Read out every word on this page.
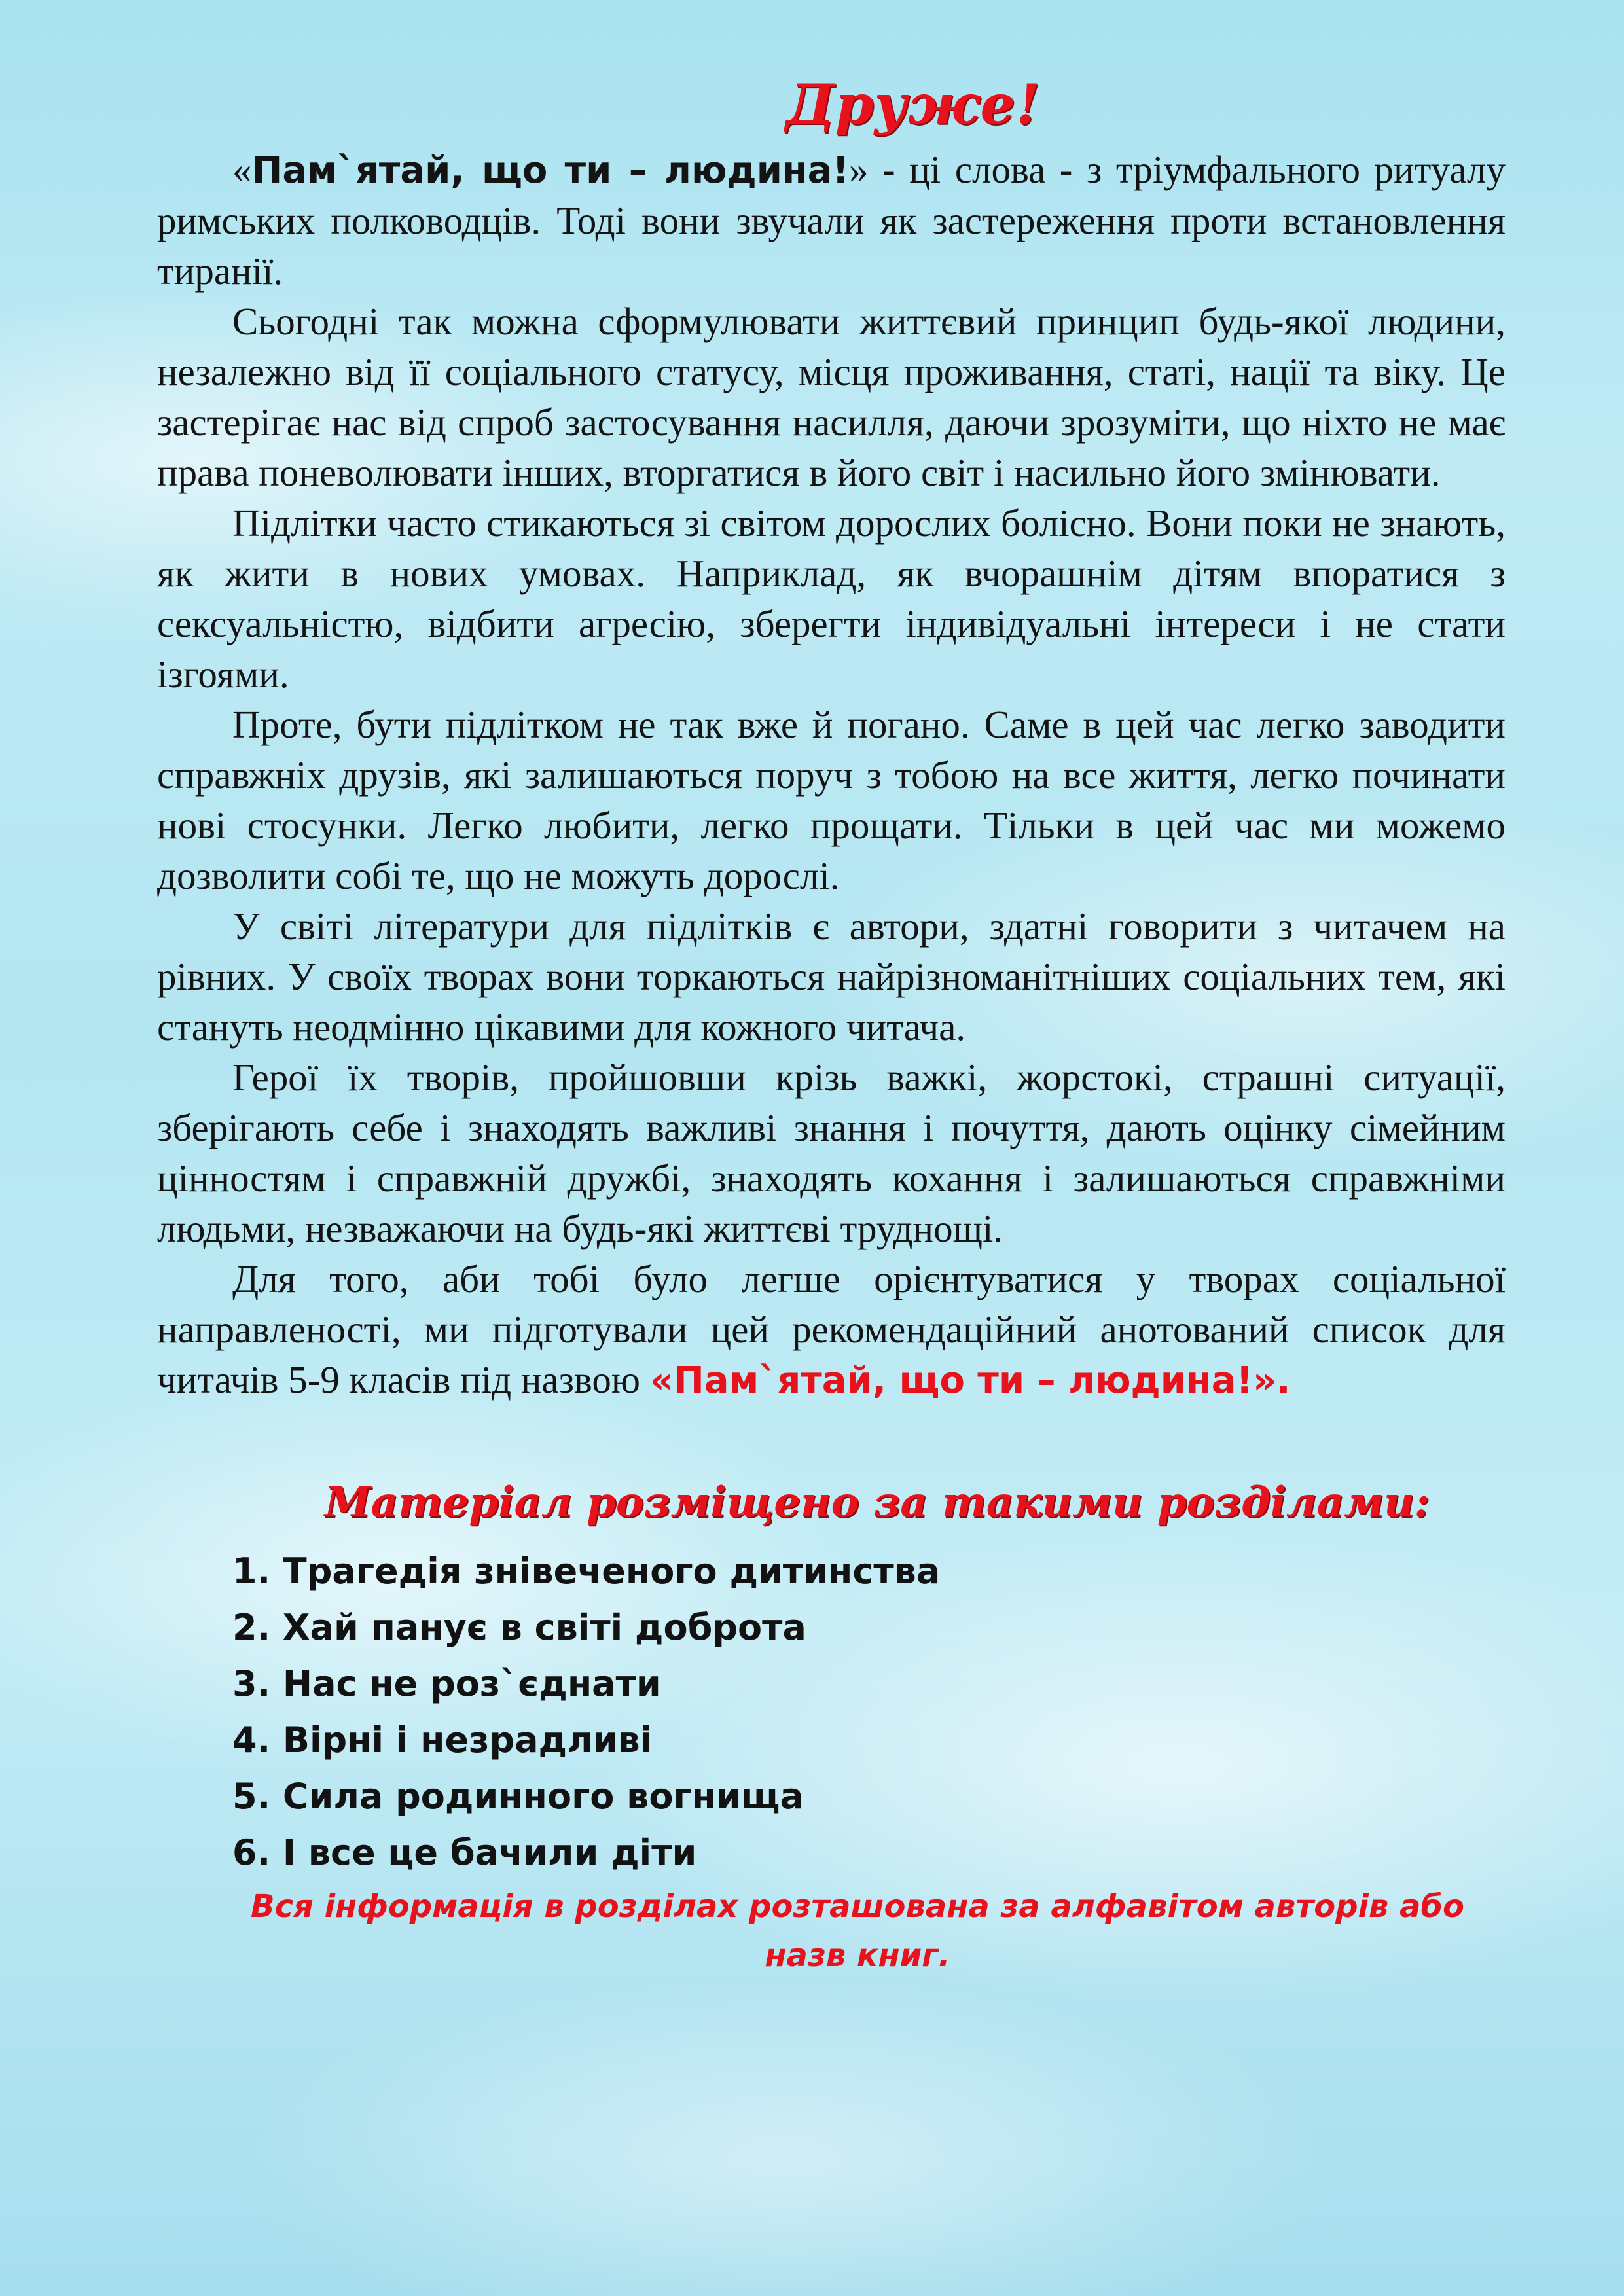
Друже!

«Пам`ятай, що ти – людина!» - ці слова - з тріумфального ритуалу римських полководців. Тоді вони звучали як застереження проти встановлення тиранії.

Сьогодні так можна сформулювати життєвий принцип будь-якої людини, незалежно від її соціального статусу, місця проживання, статі, нації та віку. Це застерігає нас від спроб застосування насилля, даючи зрозуміти, що ніхто не має права поневолювати інших, вторгатися в його світ і насильно його змінювати.

Підлітки часто стикаються зі світом дорослих болісно. Вони поки не знають, як жити в нових умовах. Наприклад, як вчорашнім дітям впоратися з сексуальністю, відбити агресію, зберегти індивідуальні інтереси і не стати ізгоями.

Проте, бути підлітком не так вже й погано. Саме в цей час легко заводити справжніх друзів, які залишаються поруч з тобою на все життя, легко починати нові стосунки. Легко любити, легко прощати. Тільки в цей час ми можемо дозволити собі те, що не можуть дорослі.

У світі літератури для підлітків є автори, здатні говорити з читачем на рівних. У своїх творах вони торкаються найрізноманітніших соціальних тем, які стануть неодмінно цікавими для кожного читача.

Герої їх творів, пройшовши крізь важкі, жорстокі, страшні ситуації, зберігають себе і знаходять важливі знання і почуття, дають оцінку сімейним цінностям і справжній дружбі, знаходять кохання і залишаються справжніми людьми, незважаючи на будь-які життєві труднощі.

Для того, аби тобі було легше орієнтуватися у творах соціальної направленості, ми підготували цей рекомендаційний анотований список для читачів 5-9 класів під назвою «Пам`ятай, що ти – людина!».

Матеріал розміщено за такими розділами:
1. Трагедія знівеченого дитинства
2. Хай панує в світі доброта
3. Нас не роз`єднати
4. Вірні і незрадливі
5. Сила родинного вогнища
6. І все це бачили діти

Вся інформація в розділах розташована за алфавітом авторів або назв книг.
